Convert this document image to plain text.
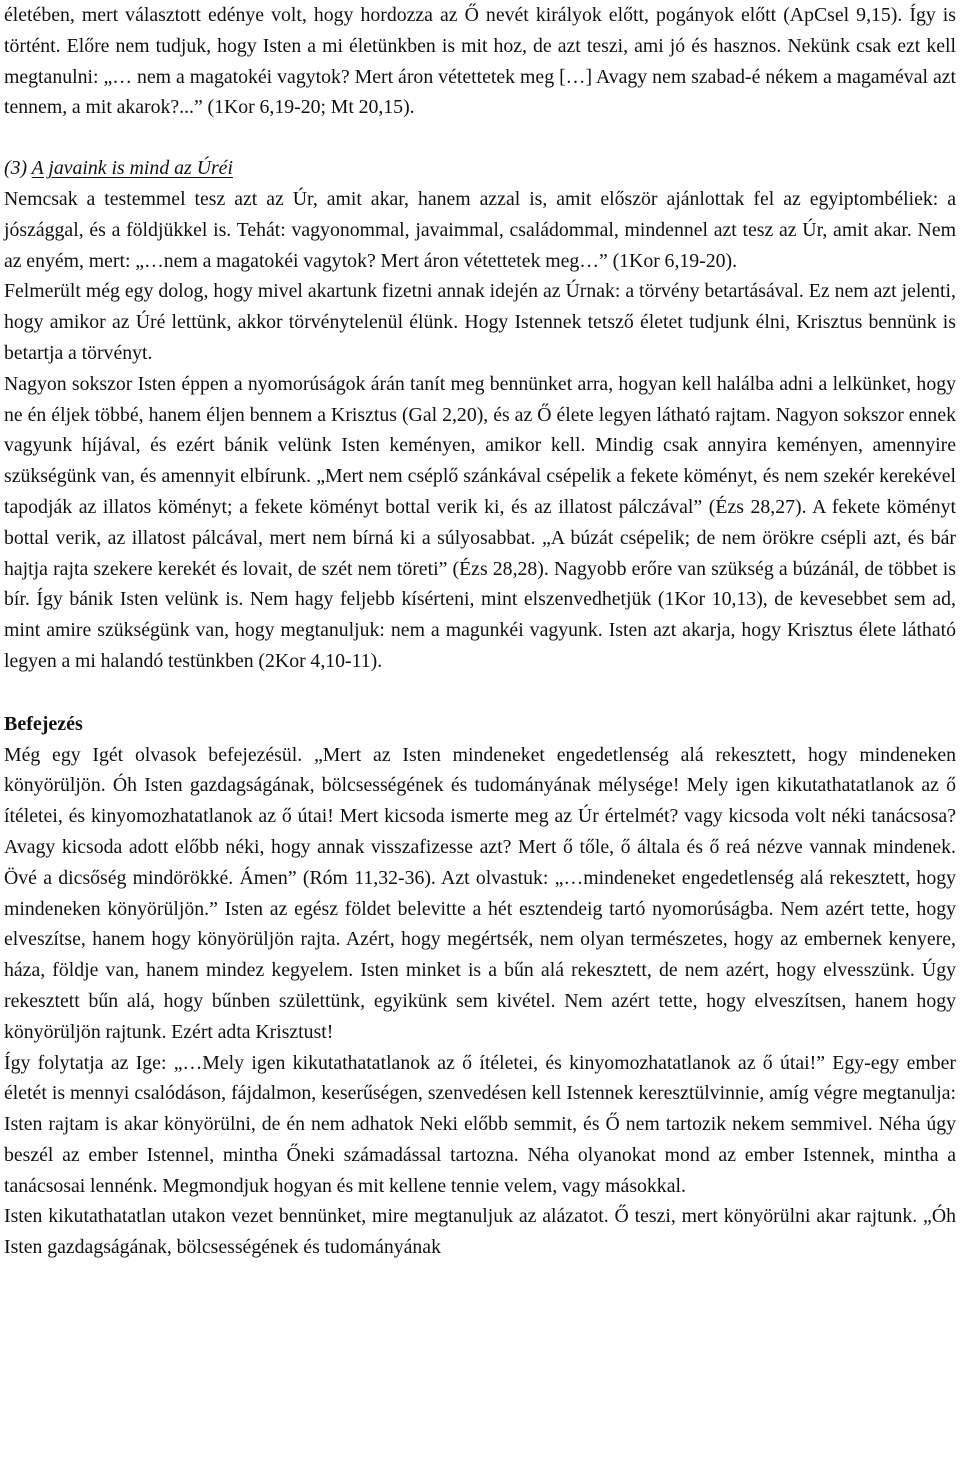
életében, mert választott edénye volt, hogy hordozza az Ő nevét királyok előtt, pogányok előtt (ApCsel 9,15). Így is történt. Előre nem tudjuk, hogy Isten a mi életünkben is mit hoz, de azt teszi, ami jó és hasznos. Nekünk csak ezt kell megtanulni: „… nem a magatokéi vagytok? Mert áron vétettetek meg […] Avagy nem szabad-é nékem a magaméval azt tennem, a mit akarok?...” (1Kor 6,19-20; Mt 20,15).

(3) A javaink is mind az Úréi

Nemcsak a testemmel tesz azt az Úr, amit akar, hanem azzal is, amit először ajánlottak fel az egyiptombéliek: a jószággal, és a földjükkel is. Tehát: vagyonommal, javaimmal, családommal, mindennel azt tesz az Úr, amit akar. Nem az enyém, mert: „…nem a magatokéi vagytok? Mert áron vétettetek meg…” (1Kor 6,19-20).

Felmerült még egy dolog, hogy mivel akartunk fizetni annak idején az Úrnak: a törvény betartásával. Ez nem azt jelenti, hogy amikor az Úré lettünk, akkor törvénytelenül élünk. Hogy Istennek tetsző életet tudjunk élni, Krisztus bennünk is betartja a törvényt.

Nagyon sokszor Isten éppen a nyomorúságok árán tanít meg bennünket arra, hogyan kell halálba adni a lelkünket, hogy ne én éljek többé, hanem éljen bennem a Krisztus (Gal 2,20), és az Ő élete legyen látható rajtam. Nagyon sokszor ennek vagyunk híjával, és ezért bánik velünk Isten keményen, amikor kell. Mindig csak annyira keményen, amennyire szükségünk van, és amennyit elbírunk. „Mert nem cséplő szánkával csépelik a fekete köményt, és nem szekér kerekével tapodják az illatos köményt; a fekete köményt bottal verik ki, és az illatost pálczával” (Ézs 28,27). A fekete köményt bottal verik, az illatost pálcával, mert nem bírná ki a súlyosabbat. „A búzát csépelik; de nem örökre csépli azt, és bár hajtja rajta szekere kerekét és lovait, de szét nem töreti” (Ézs 28,28). Nagyobb erőre van szükség a búzánál, de többet is bír. Így bánik Isten velünk is. Nem hagy feljebb kísérteni, mint elszenvedhetjük (1Kor 10,13), de kevesebbet sem ad, mint amire szükségünk van, hogy megtanuljuk: nem a magunkéi vagyunk. Isten azt akarja, hogy Krisztus élete látható legyen a mi halandó testünkben (2Kor 4,10-11).

Befejezés

Még egy Igét olvasok befejezésül. „Mert az Isten mindeneket engedetlenség alá rekesztett, hogy mindeneken könyörüljön. Óh Isten gazdagságának, bölcsességének és tudományának mélysége! Mely igen kikutathatatlanok az ő ítéletei, és kinyomozhatatlanok az ő útai! Mert kicsoda ismerte meg az Úr értelmét? vagy kicsoda volt néki tanácsosa? Avagy kicsoda adott előbb néki, hogy annak visszafizesse azt? Mert ő tőle, ő általa és ő reá nézve vannak mindenek. Övé a dicsőség mindörökké. Ámen” (Róm 11,32-36). Azt olvastuk: „…mindeneket engedetlenség alá rekesztett, hogy mindeneken könyörüljön.” Isten az egész földet belevitte a hét esztendeig tartó nyomorúságba. Nem azért tette, hogy elveszítse, hanem hogy könyörüljön rajta. Azért, hogy megértsék, nem olyan természetes, hogy az embernek kenyere, háza, földje van, hanem mindez kegyelem. Isten minket is a bűn alá rekesztett, de nem azért, hogy elvesszünk. Úgy rekesztett bűn alá, hogy bűnben születtünk, egyikünk sem kivétel. Nem azért tette, hogy elveszítsen, hanem hogy könyörüljön rajtunk. Ezért adta Krisztust!

Így folytatja az Ige: „…Mely igen kikutathatatlanok az ő ítéletei, és kinyomozhatatlanok az ő útai!” Egy-egy ember életét is mennyi csalódáson, fájdalmon, keserűségen, szenvedésen kell Istennek keresztülvinnie, amíg végre megtanulja: Isten rajtam is akar könyörülni, de én nem adhatok Neki előbb semmit, és Ő nem tartozik nekem semmivel. Néha úgy beszél az ember Istennel, mintha Őneki számadással tartozna. Néha olyanokat mond az ember Istennek, mintha a tanácsosai lennénk. Megmondjuk hogyan és mit kellene tennie velem, vagy másokkal.

Isten kikutathatatlan utakon vezet bennünket, mire megtanuljuk az alázatot. Ő teszi, mert könyörülni akar rajtunk. „Óh Isten gazdagságának, bölcsességének és tudományának
